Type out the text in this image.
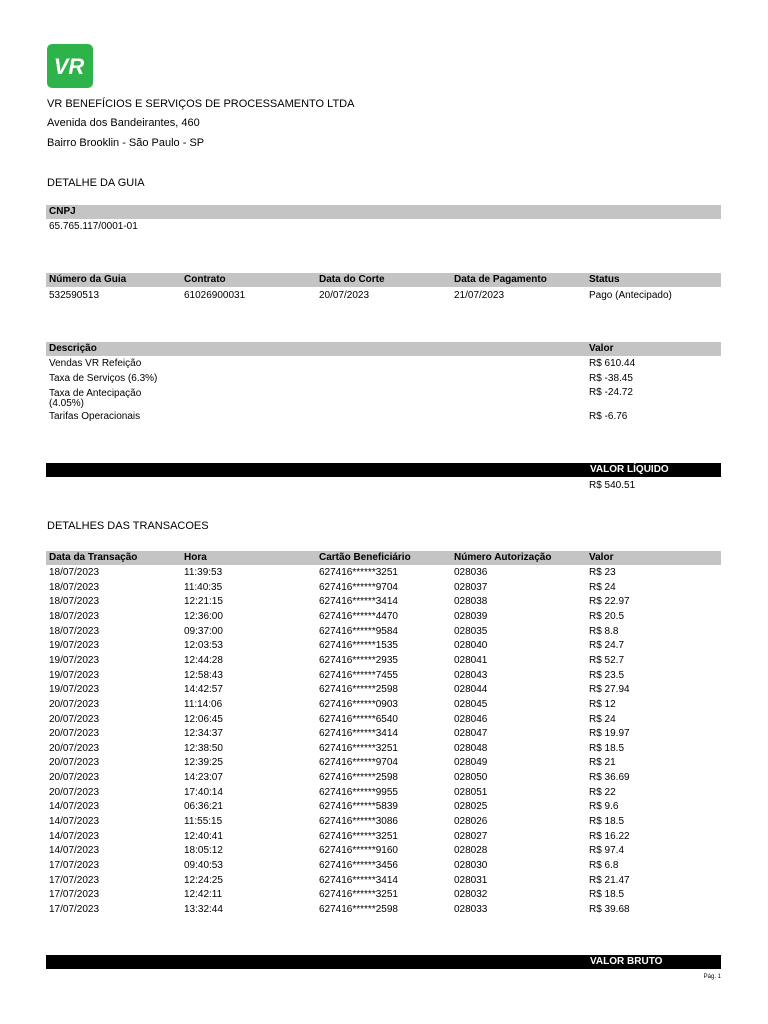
VR
VR BENEFÍCIOS E SERVIÇOS DE PROCESSAMENTO LTDA
Avenida dos Bandeirantes, 460
Bairro Brooklin - São Paulo - SP
DETALHE DA GUIA
CNPJ
65.765.117/0001-01
Número da Guia	Contrato	Data do Corte	Data de Pagamento	Status
532590513	61026900031	20/07/2023	21/07/2023	Pago (Antecipado)
Descrição	Valor
Vendas VR Refeição	R$ 610.44
Taxa de Serviços (6.3%)	R$ -38.45
Taxa de Antecipação (4.05%)
R$ -24.72
Tarifas Operacionais	R$ -6.76
VALOR LÍQUIDO
R$ 540.51
DETALHES DAS TRANSACOES
Data da Transação	Hora	Cartão Beneficiário	Número Autorização	Valor
18/07/2023	11:39:53	627416******3251	028036	R$ 23
18/07/2023	11:40:35	627416******9704	028037	R$ 24
18/07/2023	12:21:15	627416******3414	028038	R$ 22.97
18/07/2023	12:36:00	627416******4470	028039	R$ 20.5
18/07/2023	09:37:00	627416******9584	028035	R$ 8.8
19/07/2023	12:03:53	627416******1535	028040	R$ 24.7
19/07/2023	12:44:28	627416******2935	028041	R$ 52.7
19/07/2023	12:58:43	627416******7455	028043	R$ 23.5
19/07/2023	14:42:57	627416******2598	028044	R$ 27.94
20/07/2023	11:14:06	627416******0903	028045	R$ 12
20/07/2023	12:06:45	627416******6540	028046	R$ 24
20/07/2023	12:34:37	627416******3414	028047	R$ 19.97
20/07/2023	12:38:50	627416******3251	028048	R$ 18.5
20/07/2023	12:39:25	627416******9704	028049	R$ 21
20/07/2023	14:23:07	627416******2598	028050	R$ 36.69
20/07/2023	17:40:14	627416******9955	028051	R$ 22
14/07/2023	06:36:21	627416******5839	028025	R$ 9.6
14/07/2023	11:55:15	627416******3086	028026	R$ 18.5
14/07/2023	12:40:41	627416******3251	028027	R$ 16.22
14/07/2023	18:05:12	627416******9160	028028	R$ 97.4
17/07/2023	09:40:53	627416******3456	028030	R$ 6.8
17/07/2023	12:24:25	627416******3414	028031	R$ 21.47
17/07/2023	12:42:11	627416******3251	028032	R$ 18.5
17/07/2023	13:32:44	627416******2598	028033	R$ 39.68
VALOR BRUTO
Pág. 1
